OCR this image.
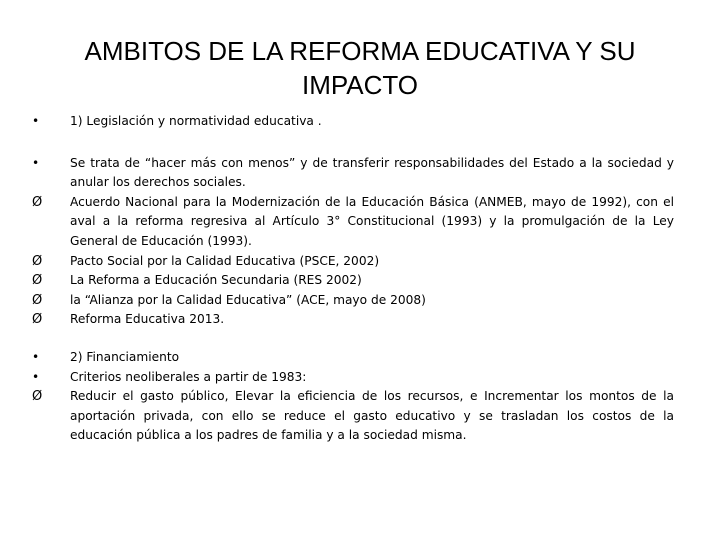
AMBITOS DE LA REFORMA EDUCATIVA Y SU IMPACTO
•	1) Legislación y normatividad educativa .
•	Se trata de “hacer más con menos” y de transferir responsabilidades del Estado a la sociedad y anular los derechos sociales.
Ø	Acuerdo Nacional para la Modernización de la Educación Básica (ANMEB, mayo de 1992), con el aval a la reforma regresiva al Artículo 3° Constitucional (1993) y la promulgación de la Ley General de Educación (1993).
Ø	Pacto Social por la Calidad Educativa (PSCE, 2002)
Ø	La Reforma a Educación Secundaria (RES 2002)
Ø	la “Alianza por la Calidad Educativa” (ACE, mayo de 2008)
Ø	Reforma Educativa 2013.
•	2) Financiamiento
•	Criterios neoliberales a partir de 1983:
Ø	Reducir el gasto público, Elevar la eficiencia de los recursos, e Incrementar los montos de la aportación privada, con ello se reduce el gasto educativo y se trasladan los costos de la educación pública a los padres de familia y a la sociedad misma.
